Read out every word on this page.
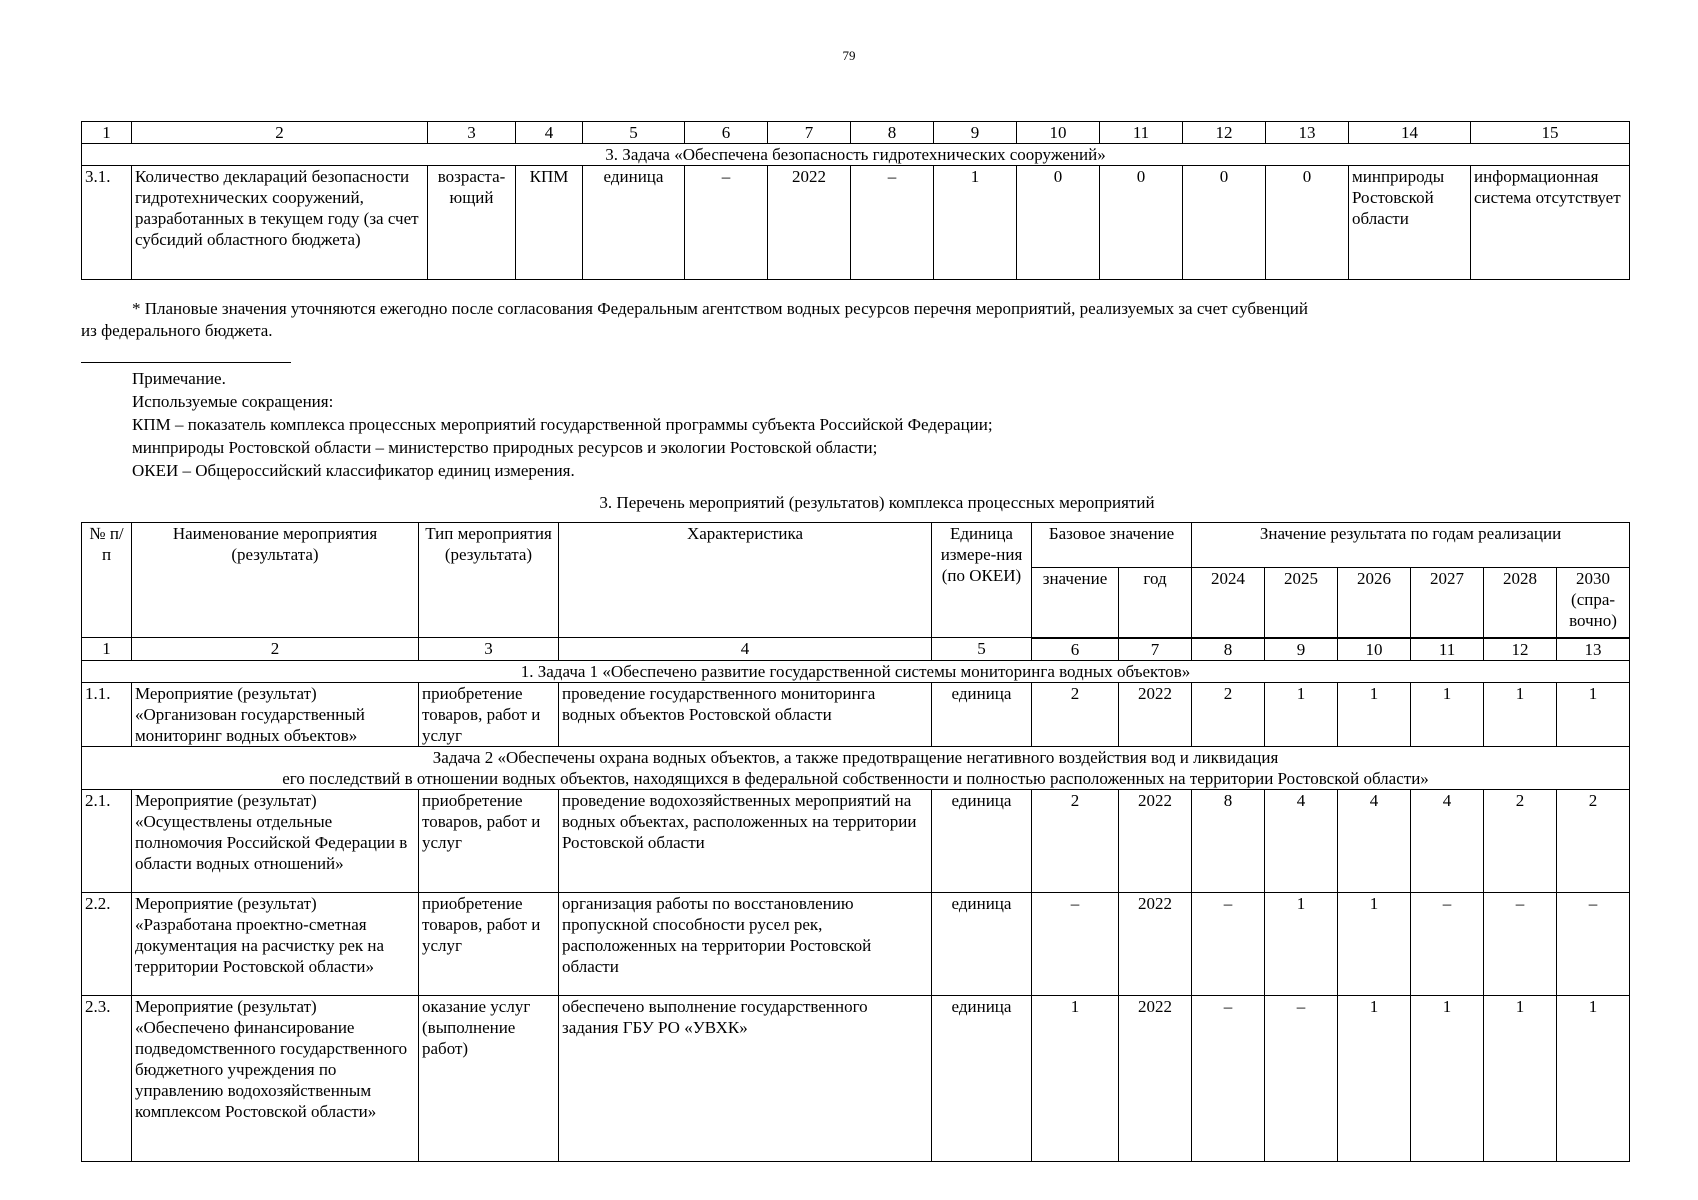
79
1	2	3	4	5	6	7	8	9	10	11	12	13	14	15
3. Задача «Обеспечена безопасность гидротехнических сооружений»														
3.1.	Количество деклараций безопасности гидротехнических сооружений, разработанных в текущем году (за счет субсидий областного бюджета)	возраста-ющий	КПМ	единица	–	2022	–	1	0	0	0	0	минприроды Ростовской области	информационная система отсутствует
* Плановые значения уточняются ежегодно после согласования Федеральным агентством водных ресурсов перечня мероприятий, реализуемых за счет субвенций
из федерального бюджета.
Примечание.
Используемые сокращения:
КПМ – показатель комплекса процессных мероприятий государственной программы субъекта Российской Федерации;
минприроды Ростовской области – министерство природных ресурсов и экологии Ростовской области;
ОКЕИ – Общероссийский классификатор единиц измерения.
3. Перечень мероприятий (результатов) комплекса процессных мероприятий
№ п/п	Наименование мероприятия (результата)	Тип мероприятия (результата)	Характеристика	Единица измере-ния (по ОКЕИ)	Базовое значение		Значение результата по годам реализации					
					значение	год	2024	2025	2026	2027	2028	2030 (спра-вочно)
1	2	3	4	5	6	7	8	9	10	11	12	13
1. Задача 1 «Обеспечено развитие государственной системы мониторинга водных объектов»												
1.1.	Мероприятие (результат) «Организован государственный мониторинг водных объектов»	приобретение товаров, работ и услуг	проведение государственного мониторинга водных объектов Ростовской области	единица	2	2022	2	1	1	1	1	1

Задача 2 «Обеспечены охрана водных объектов, а также предотвращение негативного воздействия вод и ликвидация
его последствий в отношении водных объектов, находящихся в федеральной собственности и полностью расположенных на территории Ростовской области»												

2.1.	Мероприятие (результат) «Осуществлены отдельные полномочия Российской Федерации в области водных отношений»	приобретение товаров, работ и услуг	проведение водохозяйственных мероприятий на водных объектах, расположенных на территории Ростовской области	единица	2	2022	8	4	4	4	2	2
2.2.	Мероприятие (результат) «Разработана проектно-сметная документация на расчистку рек на территории Ростовской области»	приобретение товаров, работ и услуг	организация работы по восстановлению пропускной способности русел рек, расположенных на территории Ростовской области	единица	–	2022	–	1	1	–	–	–
2.3.	Мероприятие (результат) «Обеспечено финансирование подведомственного государственного бюджетного учреждения по управлению водохозяйственным комплексом Ростовской области»	оказание услуг (выполнение работ)	обеспечено выполнение государственного задания ГБУ РО «УВХК»	единица	1	2022	–	–	1	1	1	1
